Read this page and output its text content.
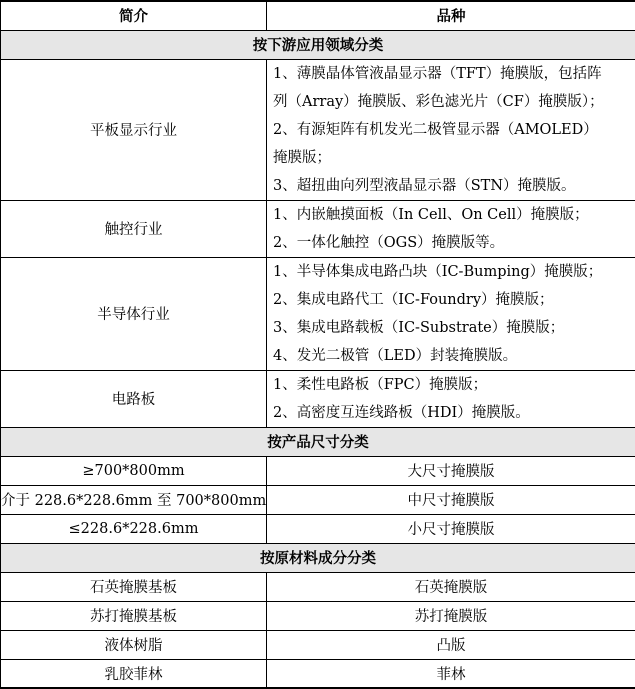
简介	品种
按下游应用领域分类	
平板显示行业	1、薄膜晶体管液晶显示器（TFT）掩膜版，包括阵
列（Array）掩膜版、彩色滤光片（CF）掩膜版）；
2、有源矩阵有机发光二极管显示器（AMOLED）
掩膜版；
3、超扭曲向列型液晶显示器（STN）掩膜版。

触控行业	1、内嵌触摸面板（In Cell、On Cell）掩膜版；
2、一体化触控（OGS）掩膜版等。

半导体行业	1、半导体集成电路凸块（IC-Bumping）掩膜版；
2、集成电路代工（IC-Foundry）掩膜版；
3、集成电路载板（IC-Substrate）掩膜版；
4、发光二极管（LED）封装掩膜版。

电路板	1、柔性电路板（FPC）掩膜版；
2、高密度互连线路板（HDI）掩膜版。

按产品尺寸分类	
≥700*800mm	大尺寸掩膜版
介于 228.6*228.6mm 至 700*800mm	中尺寸掩膜版
≤228.6*228.6mm	小尺寸掩膜版
按原材料成分分类	
石英掩膜基板	石英掩膜版
苏打掩膜基板	苏打掩膜版
液体树脂	凸版
乳胶菲林	菲林
